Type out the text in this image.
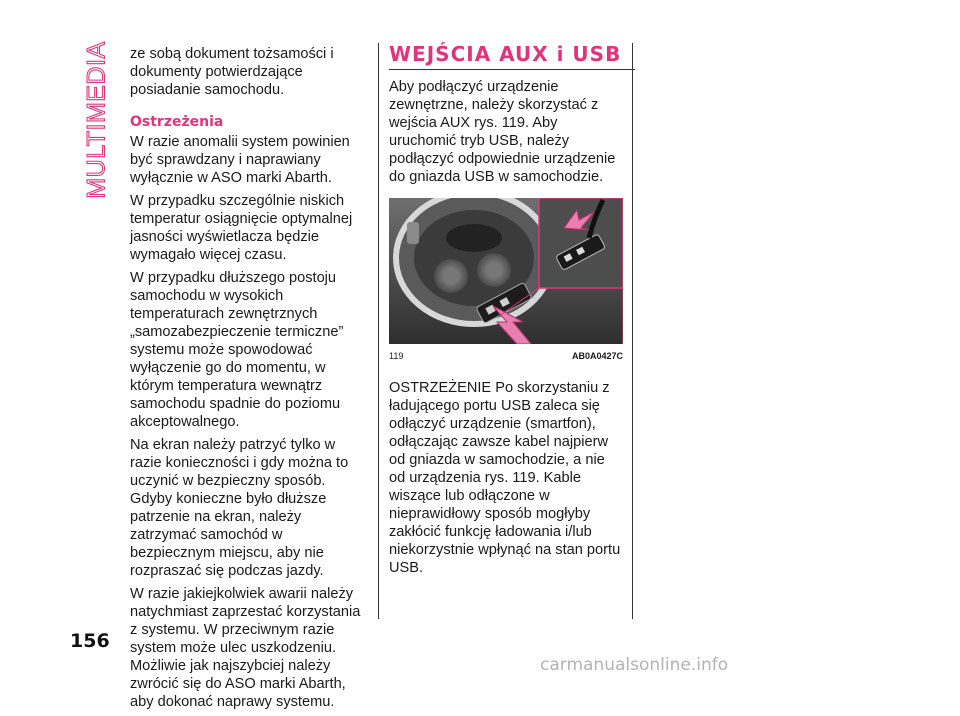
MULTIMEDIA ze sobą dokument tożsamości i dokumenty potwierdzające posiadanie samochodu.

Ostrzeżenia

W razie anomalii system powinien być sprawdzany i naprawiany wyłącznie w ASO marki Abarth.

W przypadku szczególnie niskich temperatur osiągnięcie optymalnej jasności wyświetlacza będzie wymagało więcej czasu.

W przypadku dłuższego postoju samochodu w wysokich temperaturach zewnętrznych „samozabezpieczenie termiczne” systemu może spowodować wyłączenie go do momentu, w którym temperatura wewnątrz samochodu spadnie do poziomu akceptowalnego.

Na ekran należy patrzyć tylko w razie konieczności i gdy można to uczynić w bezpieczny sposób. Gdyby konieczne było dłuższe patrzenie na ekran, należy zatrzymać samochód w bezpiecznym miejscu, aby nie rozpraszać się podczas jazdy.

W razie jakiejkolwiek awarii należy natychmiast zaprzestać korzystania z systemu. W przeciwnym razie system może ulec uszkodzeniu. Możliwie jak najszybciej należy zwrócić się do ASO marki Abarth, aby dokonać naprawy systemu.

WEJŚCIA AUX i USB

Aby podłączyć urządzenie zewnętrzne, należy skorzystać z wejścia AUX rys. 119. Aby uruchomić tryb USB, należy podłączyć odpowiednie urządzenie do gniazda USB w samochodzie.

119	AB0A0427C

OSTRZEŻENIE Po skorzystaniu z ładującego portu USB zaleca się odłączyć urządzenie (smartfon), odłączając zawsze kabel najpierw od gniazda w samochodzie, a nie od urządzenia rys. 119. Kable wiszące lub odłączone w nieprawidłowy sposób mogłyby zakłócić funkcję ładowania i/lub niekorzystnie wpłynąć na stan portu USB.

156
carmanualsonline.info
